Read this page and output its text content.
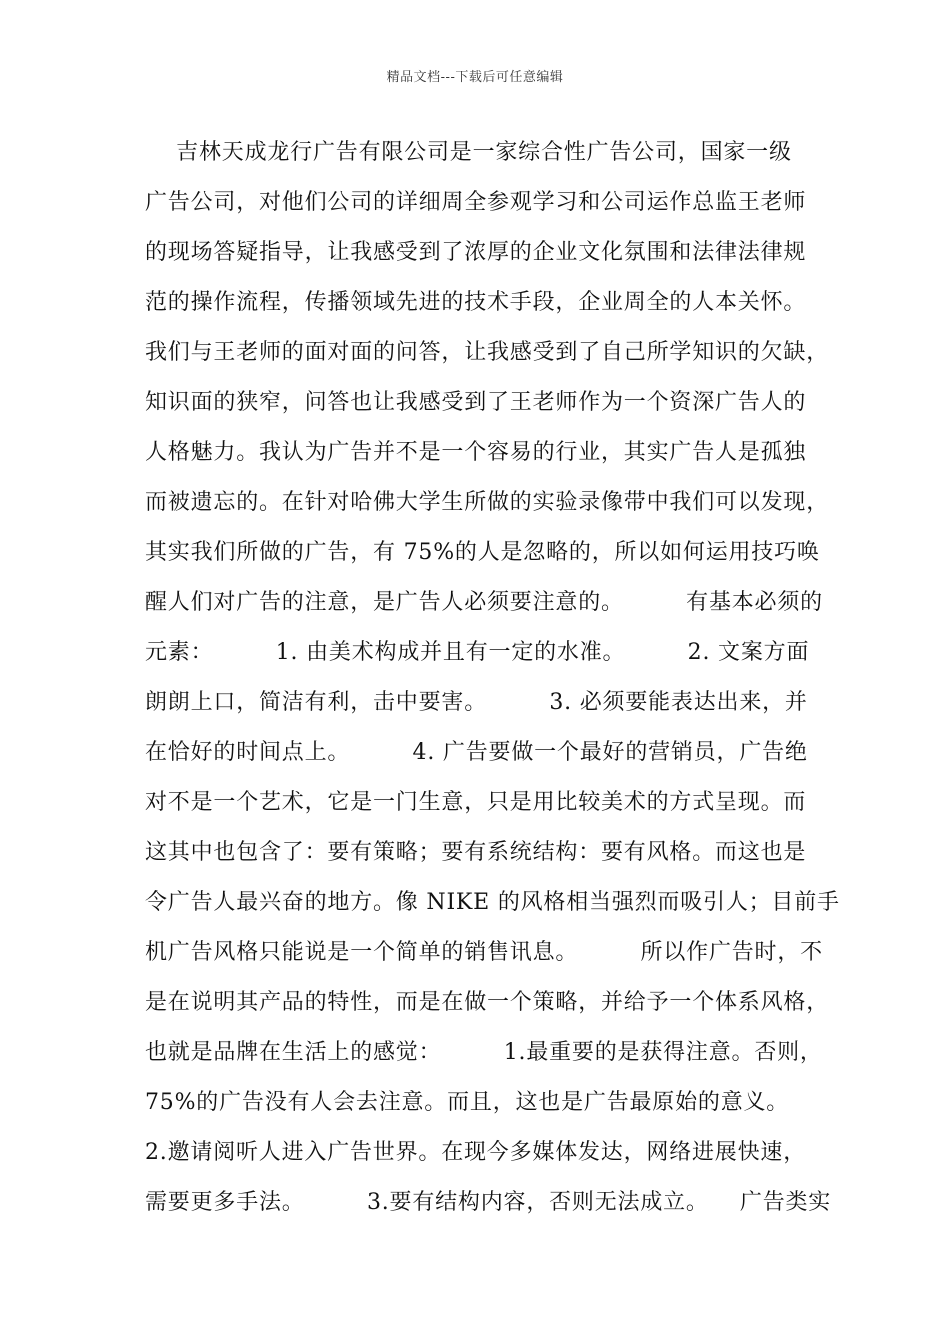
精品文档---下载后可任意编辑
吉林天成龙行广告有限公司是一家综合性广告公司，国家一级
广告公司，对他们公司的详细周全参观学习和公司运作总监王老师
的现场答疑指导，让我感受到了浓厚的企业文化氛围和法律法律规
范的操作流程，传播领域先进的技术手段，企业周全的人本关怀。
我们与王老师的面对面的问答，让我感受到了自己所学知识的欠缺，
知识面的狭窄，问答也让我感受到了王老师作为一个资深广告人的
人格魅力。我认为广告并不是一个容易的行业，其实广告人是孤独
而被遗忘的。在针对哈佛大学生所做的实验录像带中我们可以发现，
其实我们所做的广告，有 75%的人是忽略的，所以如何运用技巧唤
醒人们对广告的注意，是广告人必须要注意的。        有基本必须的
元素：        1. 由美术构成并且有一定的水准。        2. 文案方面
朗朗上口，简洁有利，击中要害。        3. 必须要能表达出来，并
在恰好的时间点上。        4. 广告要做一个最好的营销员，广告绝
对不是一个艺术，它是一门生意，只是用比较美术的方式呈现。而
这其中也包含了：要有策略；要有系统结构：要有风格。而这也是
令广告人最兴奋的地方。像 NIKE 的风格相当强烈而吸引人；目前手
机广告风格只能说是一个简单的销售讯息。        所以作广告时，不
是在说明其产品的特性，而是在做一个策略，并给予一个体系风格，
也就是品牌在生活上的感觉：        1.最重要的是获得注意。否则，
75%的广告没有人会去注意。而且，这也是广告最原始的意义。
2.邀请阅听人进入广告世界。在现今多媒体发达，网络进展快速，
需要更多手法。        3.要有结构内容，否则无法成立。    广告类实
